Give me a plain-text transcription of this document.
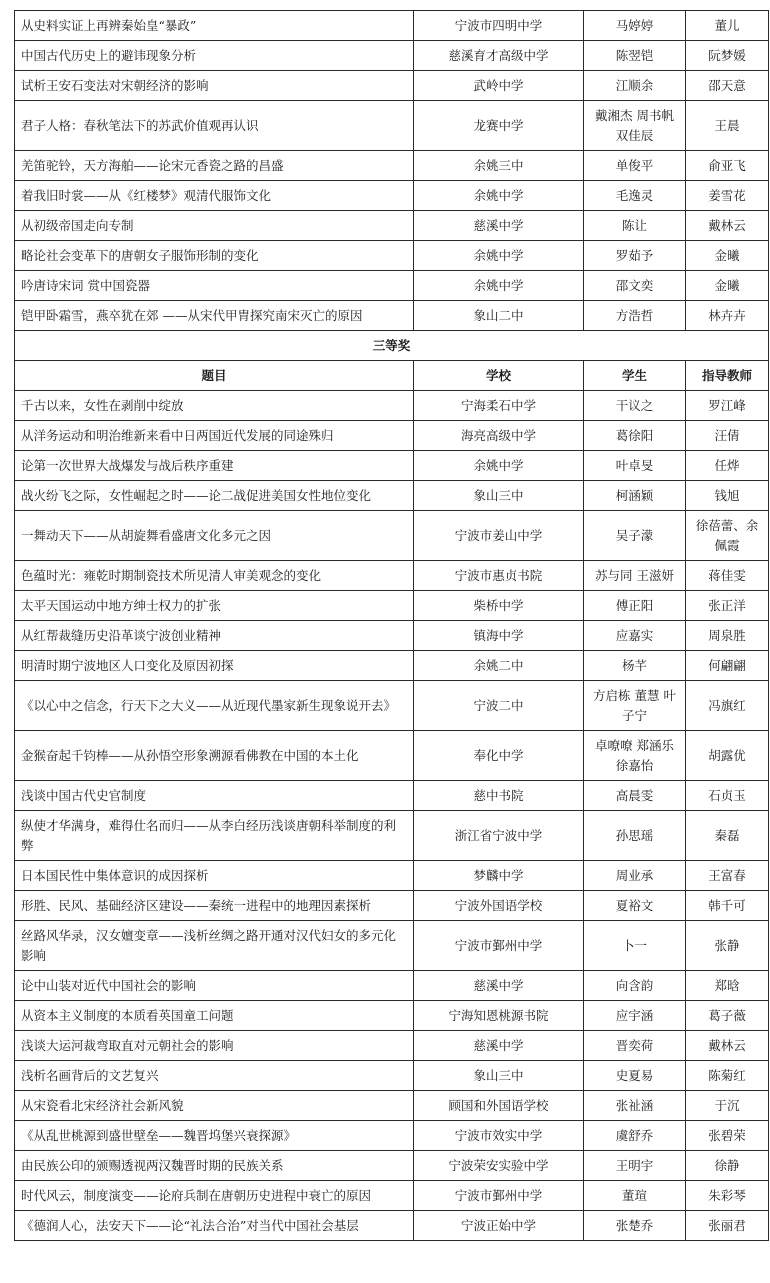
从史料实证上再辨秦始皇“暴政”	宁波市四明中学	马婷婷	董儿
中国古代历史上的避讳现象分析	慈溪育才高级中学	陈翌铠	阮梦媛
试析王安石变法对宋朝经济的影响	武岭中学	江顺余	邵天意
君子人格：春秋笔法下的苏武价值观再认识	龙赛中学	戴湘杰 周书帆 双佳辰	王晨
羌笛驼铃，天方海舶——论宋元香瓷之路的昌盛	余姚三中	单俊平	俞亚飞
着我旧时裳——从《红楼梦》观清代服饰文化	余姚中学	毛逸灵	姜雪花
从初级帝国走向专制	慈溪中学	陈让	戴林云
略论社会变革下的唐朝女子服饰形制的变化	余姚中学	罗茹予	金曦
吟唐诗宋词 赏中国瓷器	余姚中学	邵文奕	金曦
铠甲卧霜雪，燕卒犹在郊 ——从宋代甲胄探究南宋灭亡的原因	象山二中	方浩哲	林卉卉
三等奖			
题目	学校	学生	指导教师
千古以来，女性在剥削中绽放	宁海柔石中学	干议之	罗江峰
从洋务运动和明治维新来看中日两国近代发展的同途殊归	海亮高级中学	葛徐阳	汪倩
论第一次世界大战爆发与战后秩序重建	余姚中学	叶卓旻	任烨
战火纷飞之际，女性崛起之时——论二战促进美国女性地位变化	象山三中	柯涵颖	钱旭
一舞动天下——从胡旋舞看盛唐文化多元之因	宁波市姜山中学	吴子濛	徐蓓蕾、余佩霞
色蕴时光：雍乾时期制瓷技术所见清人审美观念的变化	宁波市惠贞书院	苏与同 王滋妍	蒋佳雯
太平天国运动中地方绅士权力的扩张	柴桥中学	傅正阳	张正洋
从红帮裁缝历史沿革谈宁波创业精神	镇海中学	应嘉实	周泉胜
明清时期宁波地区人口变化及原因初探	余姚二中	杨芊	何翩翩
《以心中之信念，行天下之大义——从近现代墨家新生现象说开去》	宁波二中	方启栋 董慧 叶子宁	冯旗红
金猴奋起千钧棒——从孙悟空形象溯源看佛教在中国的本土化	奉化中学	卓嘹嘹 郑涵乐 徐嘉怡	胡露优
浅谈中国古代史官制度	慈中书院	高晨雯	石贞玉
纵使才华满身，难得仕名而归——从李白经历浅谈唐朝科举制度的利弊	浙江省宁波中学	孙思瑶	秦磊
日本国民性中集体意识的成因探析	梦麟中学	周业承	王富春
形胜、民风、基础经济区建设——秦统一进程中的地理因素探析	宁波外国语学校	夏裕文	韩千可
丝路风华录，汉女嬗变章——浅析丝绸之路开通对汉代妇女的多元化影响	宁波市鄞州中学	卜一	张静
论中山装对近代中国社会的影响	慈溪中学	向含韵	郑晗
从资本主义制度的本质看英国童工问题	宁海知恩桃源书院	应宇涵	葛子薇
浅谈大运河裁弯取直对元朝社会的影响	慈溪中学	晋奕荷	戴林云
浅析名画背后的文艺复兴	象山三中	史夏易	陈菊红
从宋瓷看北宋经济社会新风貌	顾国和外国语学校	张祉涵	于沉
《从乱世桃源到盛世壁垒——魏晋坞堡兴衰探源》	宁波市效实中学	虞舒乔	张碧荣
由民族公印的颁赐透视两汉魏晋时期的民族关系	宁波荣安实验中学	王明宇	徐静
时代风云，制度演变——论府兵制在唐朝历史进程中衰亡的原因	宁波市鄞州中学	董瑄	朱彩琴
《德润人心，法安天下——论“礼法合治”对当代中国社会基层	宁波正始中学	张楚乔	张丽君
